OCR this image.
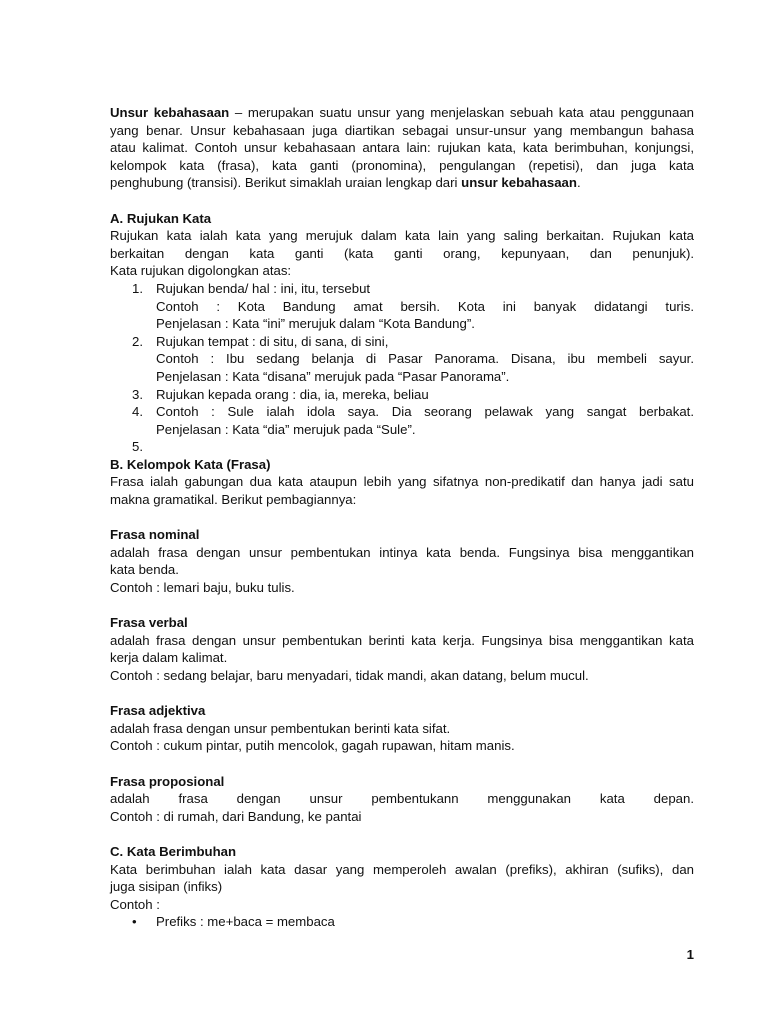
Unsur kebahasaan – merupakan suatu unsur yang menjelaskan sebuah kata atau penggunaan

yang benar. Unsur kebahasaan juga diartikan sebagai unsur-unsur yang membangun bahasa

atau kalimat. Contoh unsur kebahasaan antara lain: rujukan kata, kata berimbuhan, konjungsi,

kelompok kata (frasa), kata ganti (pronomina), pengulangan (repetisi), dan juga kata

penghubung (transisi). Berikut simaklah uraian lengkap dari unsur kebahasaan.

A. Rujukan Kata

Rujukan kata ialah kata yang merujuk dalam kata lain yang saling berkaitan. Rujukan kata

berkaitan dengan kata ganti (kata ganti orang, kepunyaan, dan penunjuk).

Kata rujukan digolongkan atas:

1. Rujukan benda/ hal : ini, itu, tersebut

Contoh : Kota Bandung amat bersih. Kota ini banyak didatangi turis.

Penjelasan : Kata “ini” merujuk dalam “Kota Bandung”.

2. Rujukan tempat : di situ, di sana, di sini,

Contoh : Ibu sedang belanja di Pasar Panorama. Disana, ibu membeli sayur.

Penjelasan : Kata “disana” merujuk pada “Pasar Panorama”.

3. Rujukan kepada orang : dia, ia, mereka, beliau

4. Contoh : Sule ialah idola saya. Dia seorang pelawak yang sangat berbakat.

Penjelasan : Kata “dia” merujuk pada “Sule”.

5.

B. Kelompok Kata (Frasa)

Frasa ialah gabungan dua kata ataupun lebih yang sifatnya non-predikatif dan hanya jadi satu

makna gramatikal. Berikut pembagiannya:

Frasa nominal

adalah frasa dengan unsur pembentukan intinya kata benda. Fungsinya bisa menggantikan

kata benda.

Contoh : lemari baju, buku tulis.

Frasa verbal

adalah frasa dengan unsur pembentukan berinti kata kerja. Fungsinya bisa menggantikan kata

kerja dalam kalimat.

Contoh : sedang belajar, baru menyadari, tidak mandi, akan datang, belum mucul.

Frasa adjektiva

adalah frasa dengan unsur pembentukan berinti kata sifat.

Contoh : cukum pintar, putih mencolok, gagah rupawan, hitam manis.

Frasa proposional

adalah frasa dengan unsur pembentukann menggunakan kata depan.

Contoh : di rumah, dari Bandung, ke pantai

C. Kata Berimbuhan

Kata berimbuhan ialah kata dasar yang memperoleh awalan (prefiks), akhiran (sufiks), dan

juga sisipan (infiks)

Contoh :

• Prefiks : me+baca = membaca
1
